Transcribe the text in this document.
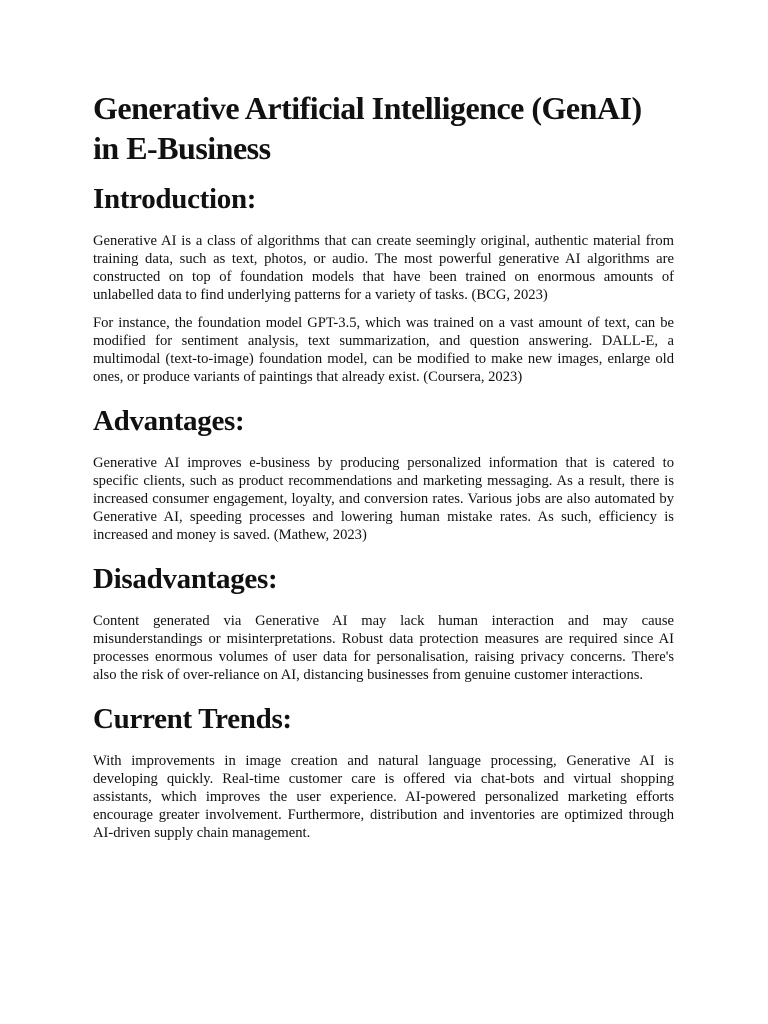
Generative Artificial Intelligence (GenAI) in E-Business
Introduction:

Generative AI is a class of algorithms that can create seemingly original, authentic material from training data, such as text, photos, or audio. The most powerful generative AI algorithms are constructed on top of foundation models that have been trained on enormous amounts of unlabelled data to find underlying patterns for a variety of tasks. (BCG, 2023)

For instance, the foundation model GPT-3.5, which was trained on a vast amount of text, can be modified for sentiment analysis, text summarization, and question answering. DALL-E, a multimodal (text-to-image) foundation model, can be modified to make new images, enlarge old ones, or produce variants of paintings that already exist. (Coursera, 2023)

Advantages:

Generative AI improves e-business by producing personalized information that is catered to specific clients, such as product recommendations and marketing messaging. As a result, there is increased consumer engagement, loyalty, and conversion rates. Various jobs are also automated by Generative AI, speeding processes and lowering human mistake rates. As such, efficiency is increased and money is saved. (Mathew, 2023)

Disadvantages:

Content generated via Generative AI may lack human interaction and may cause misunderstandings or misinterpretations. Robust data protection measures are required since AI processes enormous volumes of user data for personalisation, raising privacy concerns. There's also the risk of over-reliance on AI, distancing businesses from genuine customer interactions.

Current Trends:

With improvements in image creation and natural language processing, Generative AI is developing quickly. Real-time customer care is offered via chat-bots and virtual shopping assistants, which improves the user experience. AI-powered personalized marketing efforts encourage greater involvement. Furthermore, distribution and inventories are optimized through AI-driven supply chain management.
